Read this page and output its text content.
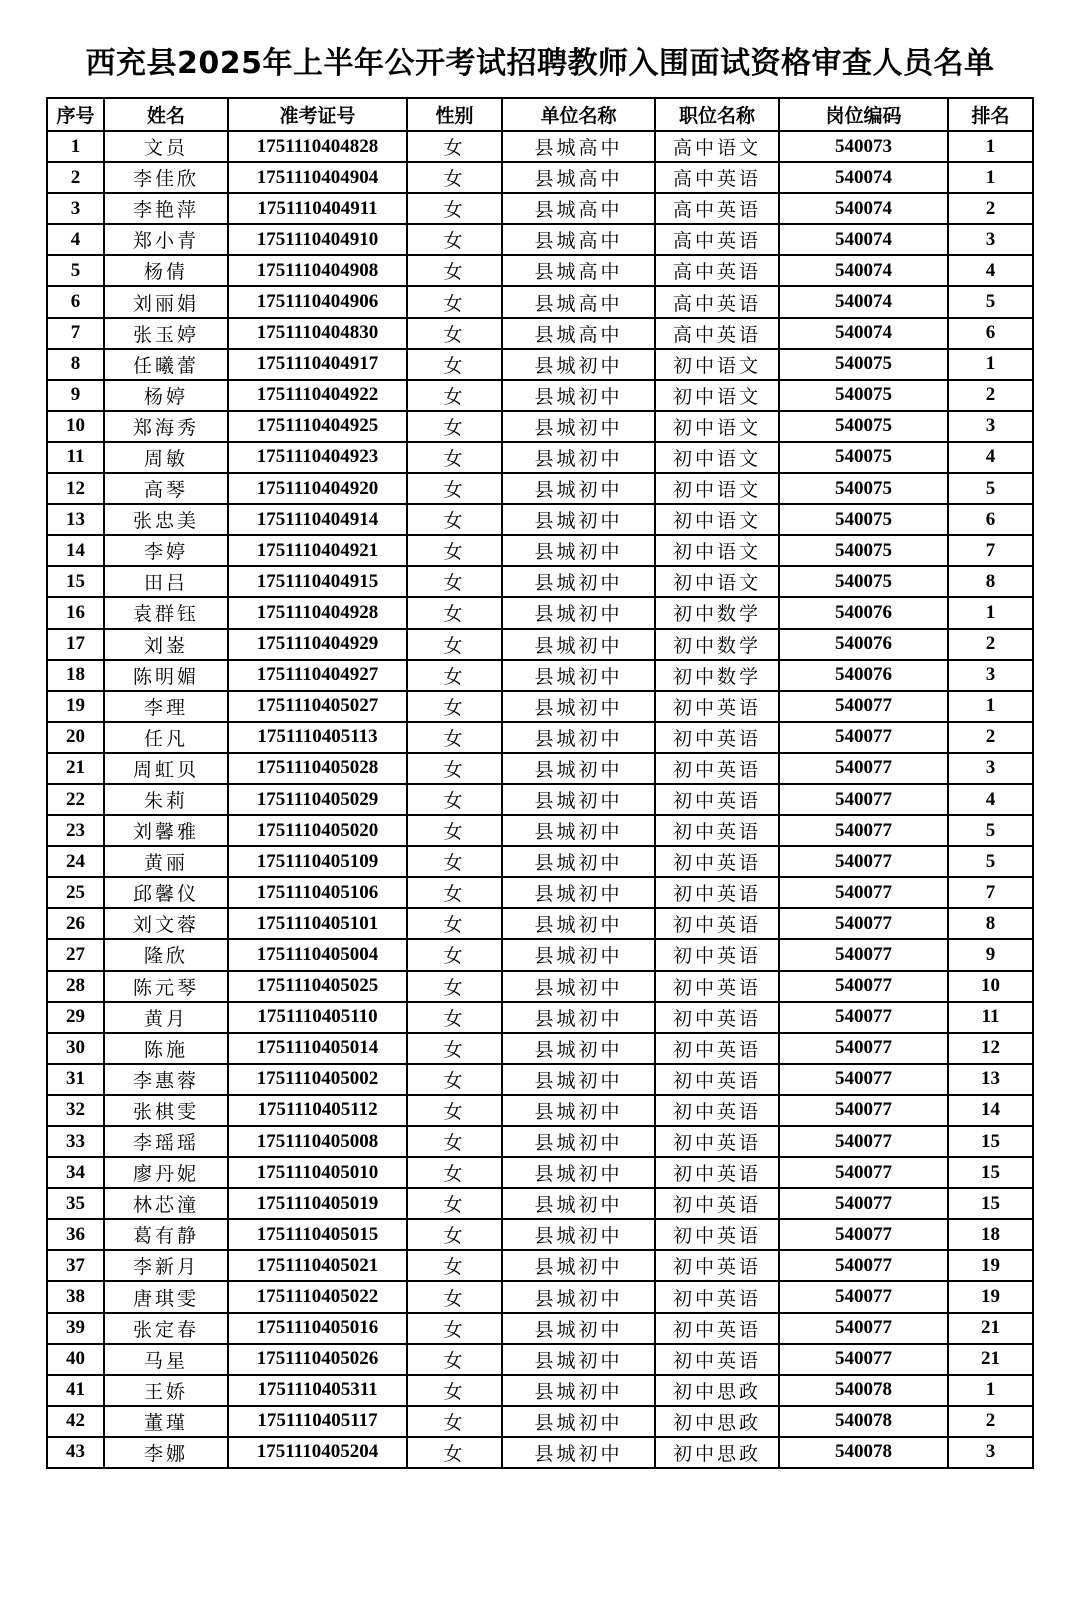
西充县2025年上半年公开考试招聘教师入围面试资格审查人员名单
序号	姓名	准考证号	性别	单位名称	职位名称	岗位编码	排名
1	文员	1751110404828	女	县城高中	高中语文	540073	1
2	李佳欣	1751110404904	女	县城高中	高中英语	540074	1
3	李艳萍	1751110404911	女	县城高中	高中英语	540074	2
4	郑小青	1751110404910	女	县城高中	高中英语	540074	3
5	杨倩	1751110404908	女	县城高中	高中英语	540074	4
6	刘丽娟	1751110404906	女	县城高中	高中英语	540074	5
7	张玉婷	1751110404830	女	县城高中	高中英语	540074	6
8	任曦蕾	1751110404917	女	县城初中	初中语文	540075	1
9	杨婷	1751110404922	女	县城初中	初中语文	540075	2
10	郑海秀	1751110404925	女	县城初中	初中语文	540075	3
11	周敏	1751110404923	女	县城初中	初中语文	540075	4
12	高琴	1751110404920	女	县城初中	初中语文	540075	5
13	张忠美	1751110404914	女	县城初中	初中语文	540075	6
14	李婷	1751110404921	女	县城初中	初中语文	540075	7
15	田吕	1751110404915	女	县城初中	初中语文	540075	8
16	袁群钰	1751110404928	女	县城初中	初中数学	540076	1
17	刘崟	1751110404929	女	县城初中	初中数学	540076	2
18	陈明媚	1751110404927	女	县城初中	初中数学	540076	3
19	李理	1751110405027	女	县城初中	初中英语	540077	1
20	任凡	1751110405113	女	县城初中	初中英语	540077	2
21	周虹贝	1751110405028	女	县城初中	初中英语	540077	3
22	朱莉	1751110405029	女	县城初中	初中英语	540077	4
23	刘馨雅	1751110405020	女	县城初中	初中英语	540077	5
24	黄丽	1751110405109	女	县城初中	初中英语	540077	5
25	邱馨仪	1751110405106	女	县城初中	初中英语	540077	7
26	刘文蓉	1751110405101	女	县城初中	初中英语	540077	8
27	隆欣	1751110405004	女	县城初中	初中英语	540077	9
28	陈元琴	1751110405025	女	县城初中	初中英语	540077	10
29	黄月	1751110405110	女	县城初中	初中英语	540077	11
30	陈施	1751110405014	女	县城初中	初中英语	540077	12
31	李惠蓉	1751110405002	女	县城初中	初中英语	540077	13
32	张棋雯	1751110405112	女	县城初中	初中英语	540077	14
33	李瑶瑶	1751110405008	女	县城初中	初中英语	540077	15
34	廖丹妮	1751110405010	女	县城初中	初中英语	540077	15
35	林芯潼	1751110405019	女	县城初中	初中英语	540077	15
36	葛有静	1751110405015	女	县城初中	初中英语	540077	18
37	李新月	1751110405021	女	县城初中	初中英语	540077	19
38	唐琪雯	1751110405022	女	县城初中	初中英语	540077	19
39	张定春	1751110405016	女	县城初中	初中英语	540077	21
40	马星	1751110405026	女	县城初中	初中英语	540077	21
41	王娇	1751110405311	女	县城初中	初中思政	540078	1
42	董瑾	1751110405117	女	县城初中	初中思政	540078	2
43	李娜	1751110405204	女	县城初中	初中思政	540078	3
